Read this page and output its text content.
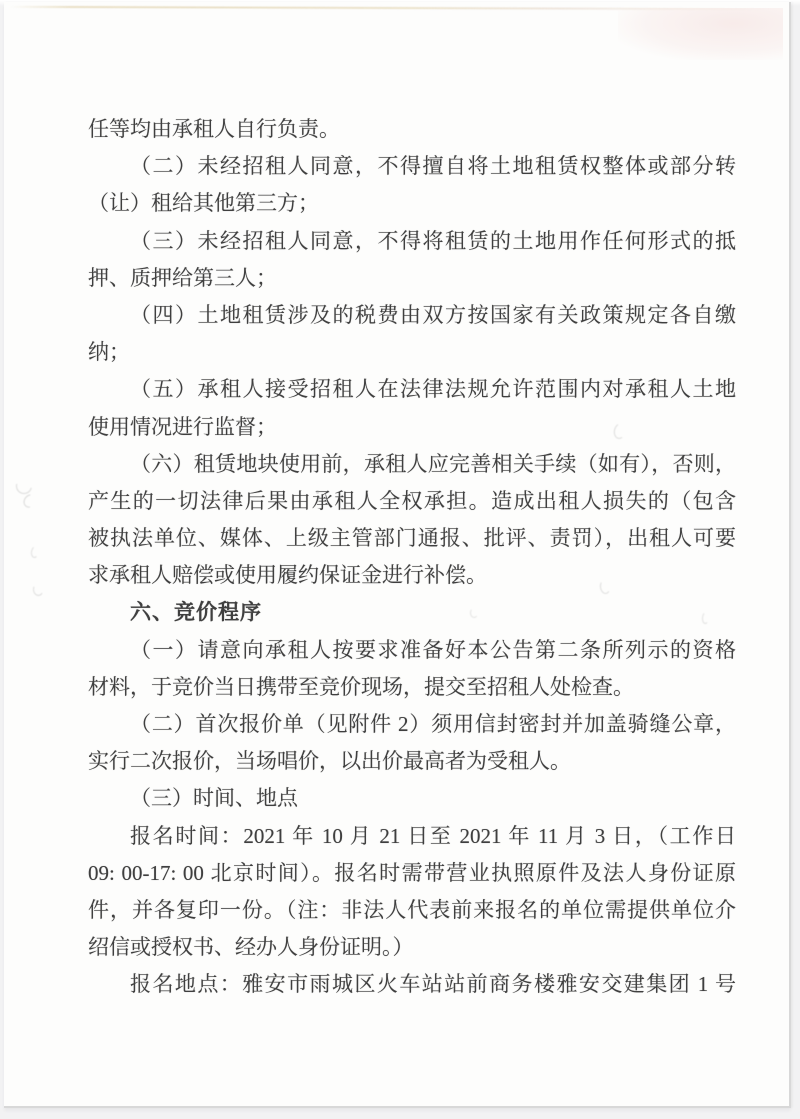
任等均由承租人自行负责。
（二）未经招租人同意，不得擅自将土地租赁权整体或部分转
（让）租给其他第三方；
（三）未经招租人同意，不得将租赁的土地用作任何形式的抵
押、质押给第三人；
（四）土地租赁涉及的税费由双方按国家有关政策规定各自缴
纳；
（五）承租人接受招租人在法律法规允许范围内对承租人土地
使用情况进行监督；
（六）租赁地块使用前，承租人应完善相关手续（如有），否则，
产生的一切法律后果由承租人全权承担。造成出租人损失的（包含
被执法单位、媒体、上级主管部门通报、批评、责罚），出租人可要
求承租人赔偿或使用履约保证金进行补偿。
六、竞价程序
（一）请意向承租人按要求准备好本公告第二条所列示的资格
材料，于竞价当日携带至竞价现场，提交至招租人处检查。
（二）首次报价单（见附件 2）须用信封密封并加盖骑缝公章，
实行二次报价，当场唱价，以出价最高者为受租人。
（三）时间、地点
报名时间：2021 年 10 月 21 日至 2021 年 11 月 3 日，（工作日
09: 00-17: 00 北京时间）。报名时需带营业执照原件及法人身份证原
件，并各复印一份。（注：非法人代表前来报名的单位需提供单位介
绍信或授权书、经办人身份证明。）
报名地点：雅安市雨城区火车站站前商务楼雅安交建集团 1 号
